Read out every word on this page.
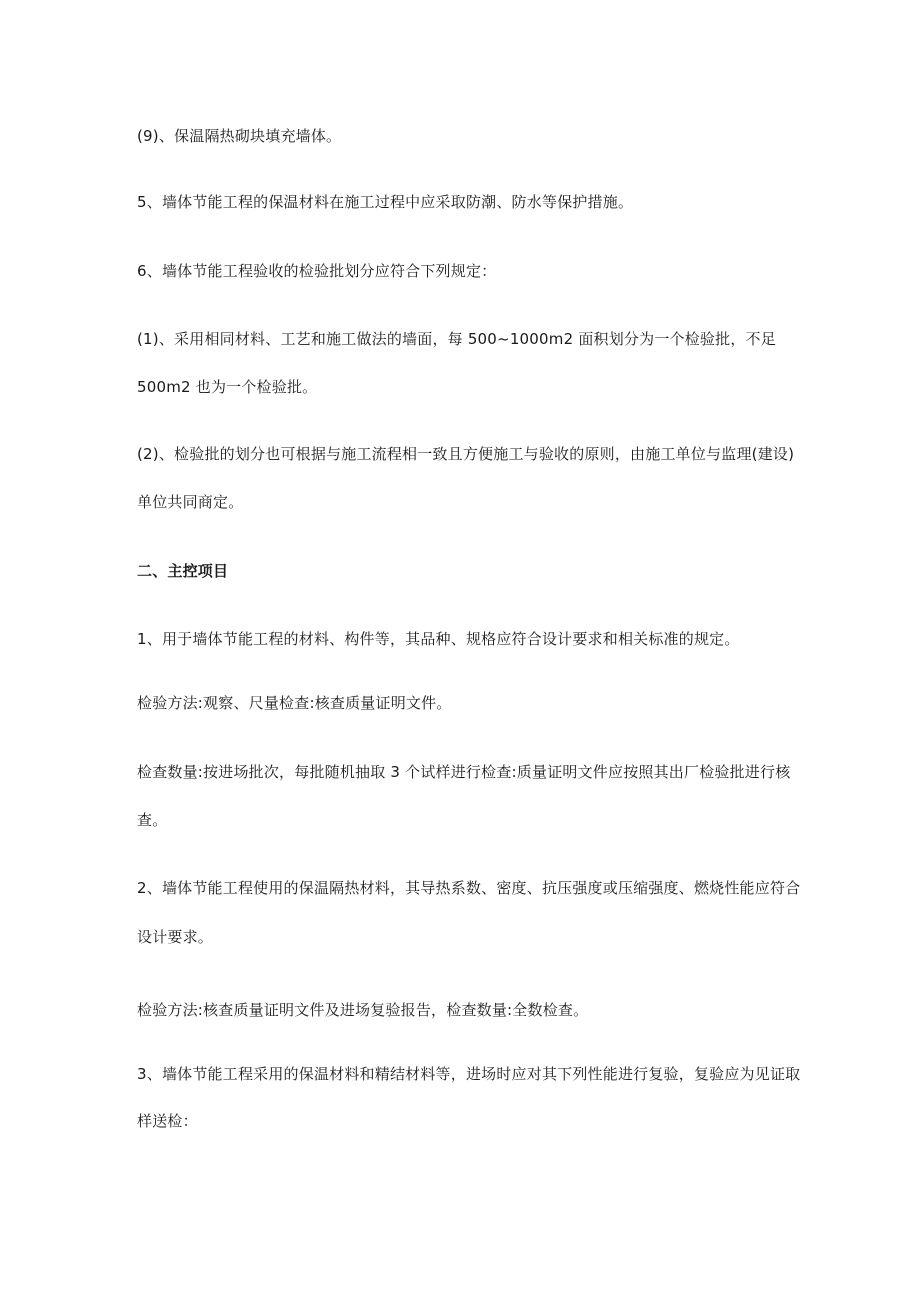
(9)、保温隔热砌块填充墙体。
5、墙体节能工程的保温材料在施工过程中应采取防潮、防水等保护措施。
6、墙体节能工程验收的检验批划分应符合下列规定：
(1)、采用相同材料、工艺和施工做法的墙面，每 500~1000m2 面积划分为一个检验批，不足
500m2 也为一个检验批。
(2)、检验批的划分也可根据与施工流程相一致且方便施工与验收的原则，由施工单位与监理(建设)
单位共同商定。
二、主控项目
1、用于墙体节能工程的材料、构件等，其品种、规格应符合设计要求和相关标准的规定。
检验方法:观察、尺量检查:核查质量证明文件。
检查数量:按进场批次，每批随机抽取 3 个试样进行检查:质量证明文件应按照其出厂检验批进行核
查。
2、墙体节能工程使用的保温隔热材料，其导热系数、密度、抗压强度或压缩强度、燃烧性能应符合
设计要求。
检验方法:核查质量证明文件及进场复验报告，检查数量:全数检查。
3、墙体节能工程采用的保温材料和精结材料等，进场时应对其下列性能进行复验，复验应为见证取
样送检：
